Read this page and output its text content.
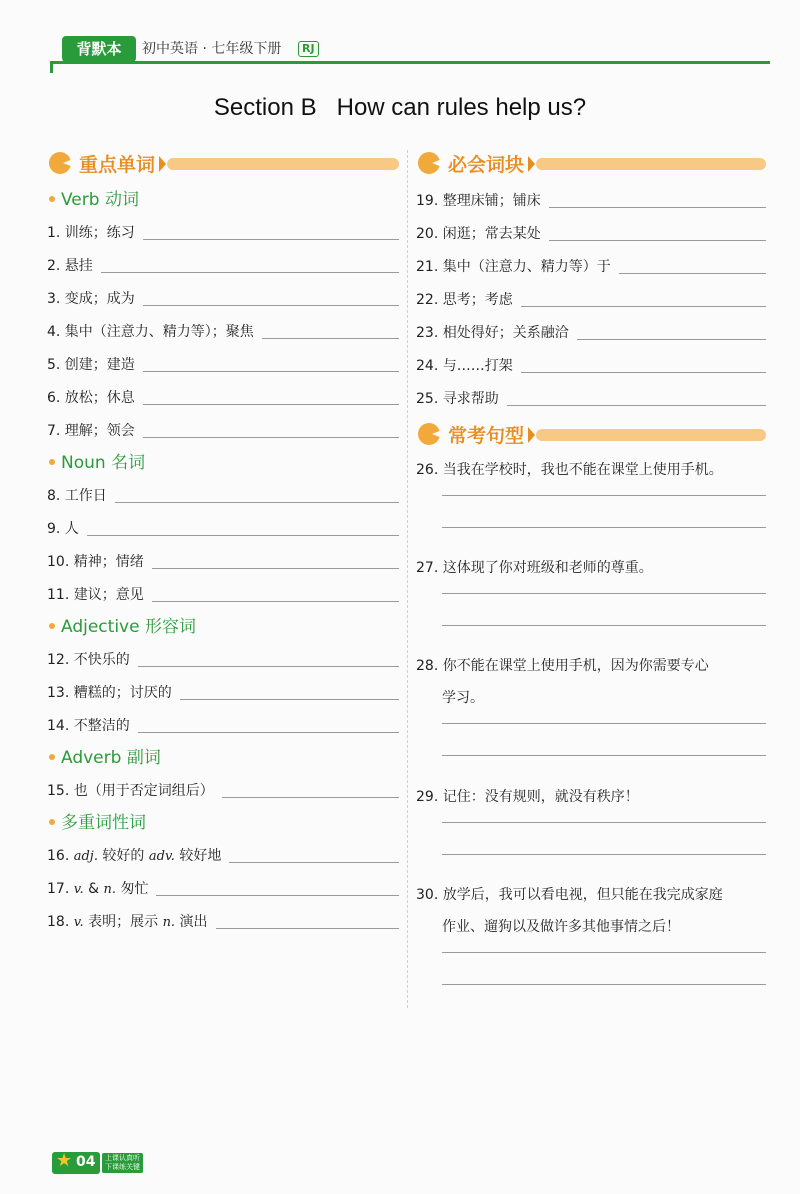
背默本	初中英语 · 七年级下册	RJ
Section B   How can rules help us?
重点单词
Verb 动词
1. 训练；练习
2. 悬挂
3. 变成；成为
4. 集中（注意力、精力等）；聚焦
5. 创建；建造
6. 放松；休息
7. 理解；领会
Noun 名词
8. 工作日
9. 人
10. 精神；情绪
11. 建议；意见
Adjective 形容词
12. 不快乐的
13. 糟糕的；讨厌的
14. 不整洁的
Adverb 副词
15. 也（用于否定词组后）
多重词性词
16. adj. 较好的 adv. 较好地
17. v. & n. 匆忙
18. v. 表明；展示 n. 演出
必会词块
19. 整理床铺；铺床
20. 闲逛；常去某处
21. 集中（注意力、精力等）于
22. 思考；考虑
23. 相处得好；关系融洽
24. 与……打架
25. 寻求帮助
常考句型
26. 当我在学校时，我也不能在课堂上使用手机。
27. 这体现了你对班级和老师的尊重。
28. 你不能在课堂上使用手机，因为你需要专心
学习。
29. 记住：没有规则，就没有秩序！
30. 放学后，我可以看电视，但只能在我完成家庭
作业、遛狗以及做许多其他事情之后！
★ 04 上课认真听
下课练关键
